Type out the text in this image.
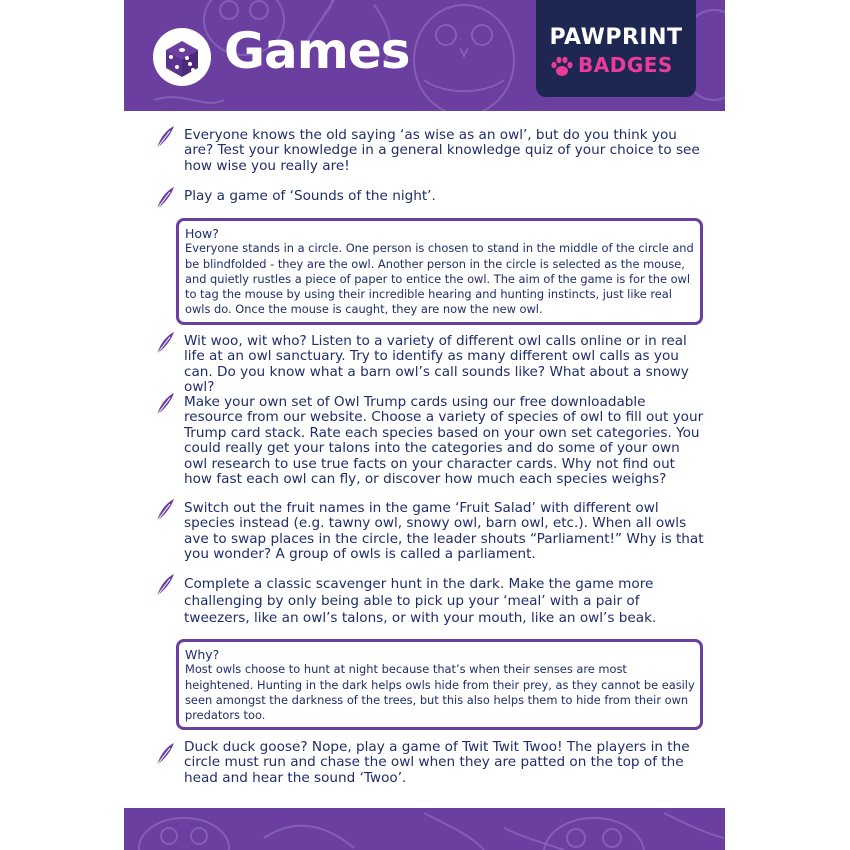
Games	PAWPRINT
BADGES
Everyone knows the old saying ‘as wise as an owl’, but do you think you are? Test your knowledge in a general knowledge quiz of your choice to see how wise you really are!
Play a game of ‘Sounds of the night’.
How?
Everyone stands in a circle. One person is chosen to stand in the middle of the circle and be blindfolded - they are the owl. Another person in the circle is selected as the mouse, and quietly rustles a piece of paper to entice the owl. The aim of the game is for the owl to tag the mouse by using their incredible hearing and hunting instincts, just like real owls do. Once the mouse is caught, they are now the new owl.
Wit woo, wit who? Listen to a variety of different owl calls online or in real life at an owl sanctuary. Try to identify as many different owl calls as you can. Do you know what a barn owl’s call sounds like? What about a snowy owl?
Make your own set of Owl Trump cards using our free downloadable resource from our website. Choose a variety of species of owl to fill out your Trump card stack. Rate each species based on your own set categories. You could really get your talons into the categories and do some of your own owl research to use true facts on your character cards. Why not find out how fast each owl can fly, or discover how much each species weighs?
Switch out the fruit names in the game ‘Fruit Salad’ with different owl species instead (e.g. tawny owl, snowy owl, barn owl, etc.). When all owls ave to swap places in the circle, the leader shouts “Parliament!” Why is that you wonder? A group of owls is called a parliament.
Complete a classic scavenger hunt in the dark. Make the game more challenging by only being able to pick up your ‘meal’ with a pair of tweezers, like an owl’s talons, or with your mouth, like an owl’s beak.
Why?
Most owls choose to hunt at night because that’s when their senses are most heightened. Hunting in the dark helps owls hide from their prey, as they cannot be easily seen amongst the darkness of the trees, but this also helps them to hide from their own predators too.
Duck duck goose? Nope, play a game of Twit Twit Twoo! The players in the circle must run and chase the owl when they are patted on the top of the head and hear the sound ‘Twoo’.
